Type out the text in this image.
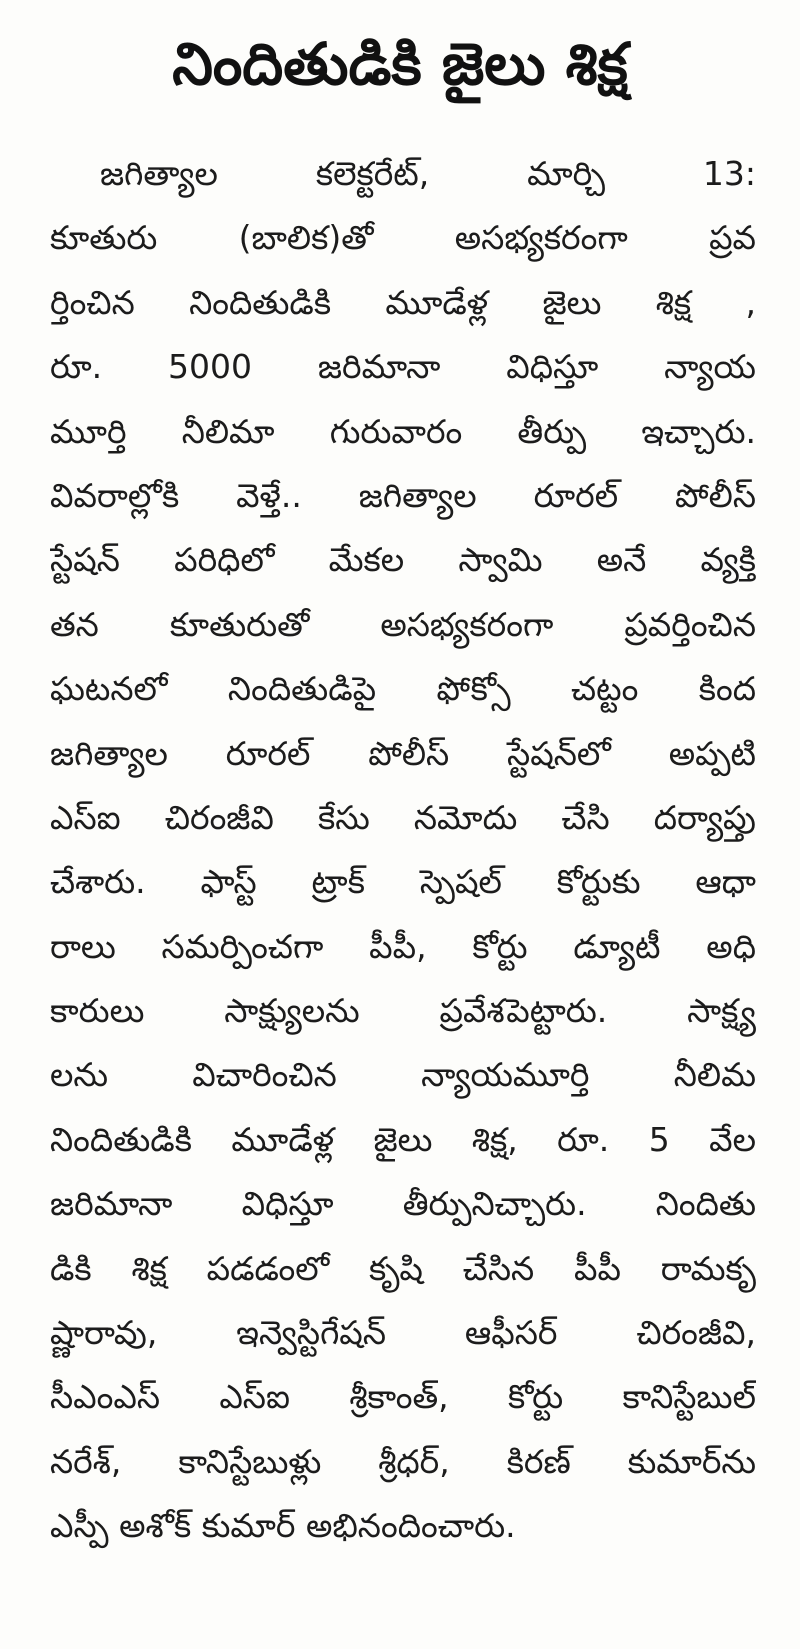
నిందితుడికి జైలు శిక్ష
జగిత్యాల కలెక్టరేట్, మార్చి 13:
కూతురు (బాలిక)తో అసభ్యకరంగా ప్రవ
ర్తించిన నిందితుడికి మూడేళ్ల జైలు శిక్ష ,
రూ. 5000 జరిమానా విధిస్తూ న్యాయ
మూర్తి నీలిమా గురువారం తీర్పు ఇచ్చారు.
వివరాల్లోకి వెళ్తే.. జగిత్యాల రూరల్ పోలీస్
స్టేషన్ పరిధిలో మేకల స్వామి అనే వ్యక్తి
తన కూతురుతో అసభ్యకరంగా ప్రవర్తించిన
ఘటనలో నిందితుడిపై ఫోక్సో చట్టం కింద
జగిత్యాల రూరల్ పోలీస్ స్టేషన్‌లో అప్పటి
ఎస్ఐ చిరంజీవి కేసు నమోదు చేసి దర్యాప్తు
చేశారు. ఫాస్ట్ ట్రాక్ స్పెషల్ కోర్టుకు ఆధా
రాలు సమర్పించగా పీపీ, కోర్టు డ్యూటీ అధి
కారులు సాక్ష్యులను ప్రవేశపెట్టారు. సాక్ష్య
లను విచారించిన న్యాయమూర్తి నీలిమ
నిందితుడికి మూడేళ్ల జైలు శిక్ష, రూ. 5 వేల
జరిమానా విధిస్తూ తీర్పునిచ్చారు. నిందితు
డికి శిక్ష పడడంలో కృషి చేసిన పీపీ రామకృ
ష్ణారావు, ఇన్వెస్టిగేషన్ ఆఫీసర్ చిరంజీవి,
సీఎంఎస్ ఎస్ఐ శ్రీకాంత్, కోర్టు కానిస్టేబుల్
నరేశ్, కానిస్టేబుళ్లు శ్రీధర్, కిరణ్ కుమార్‌ను
ఎస్పీ అశోక్ కుమార్ అభినందించారు.
